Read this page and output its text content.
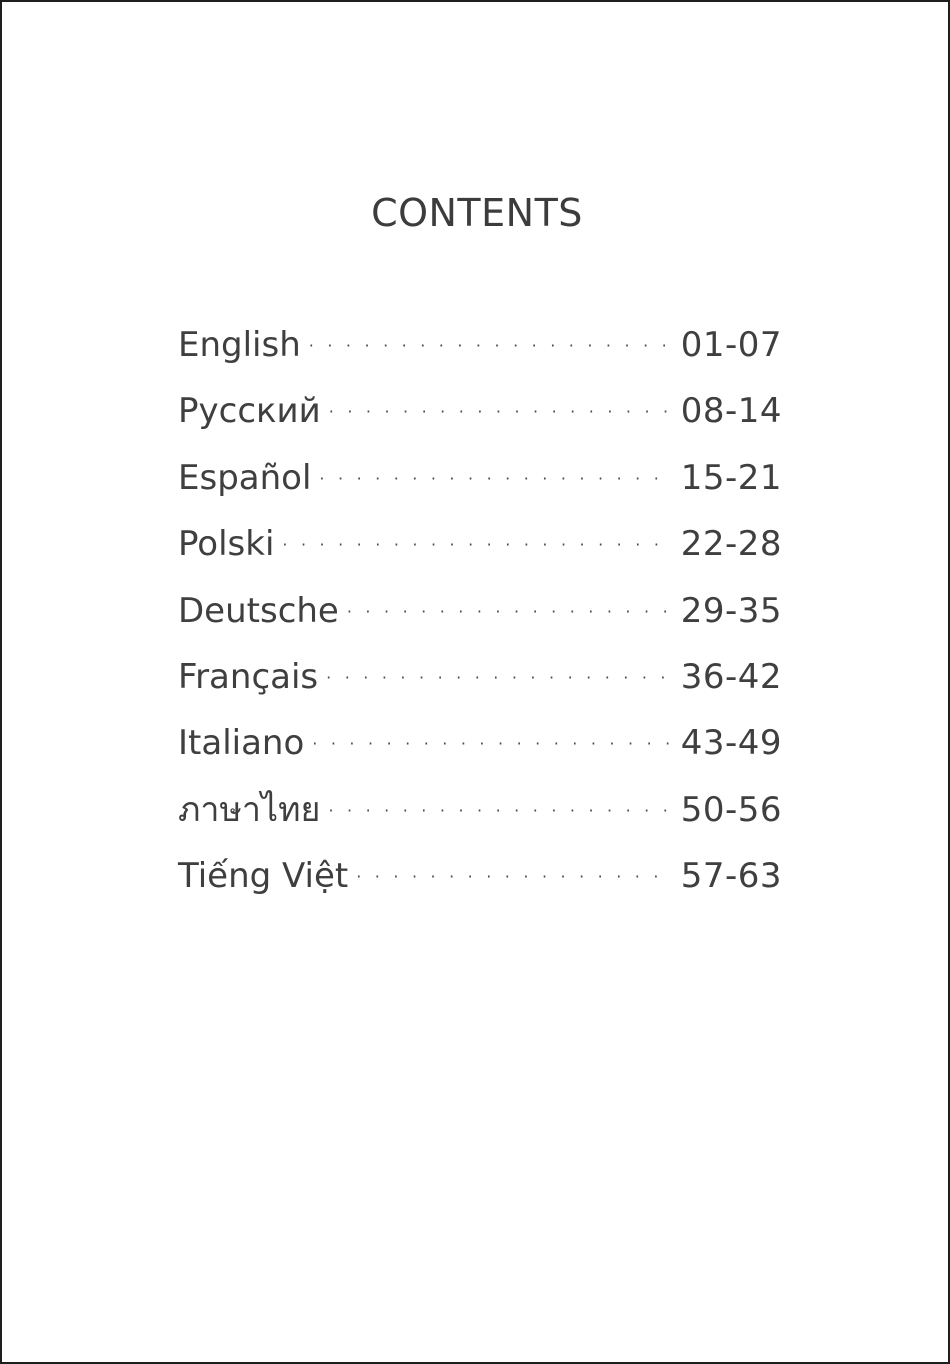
CONTENTS
English · · ·	01-07
Русский · · ·	08-14
Español · · ·	15-21
Polski · · ·	22-28
Deutsche · · ·	29-35
Français · · ·	36-42
Italiano · · ·	43-49
ภาษาไทย · · ·	50-56
Tiếng Việt · · ·	57-63
